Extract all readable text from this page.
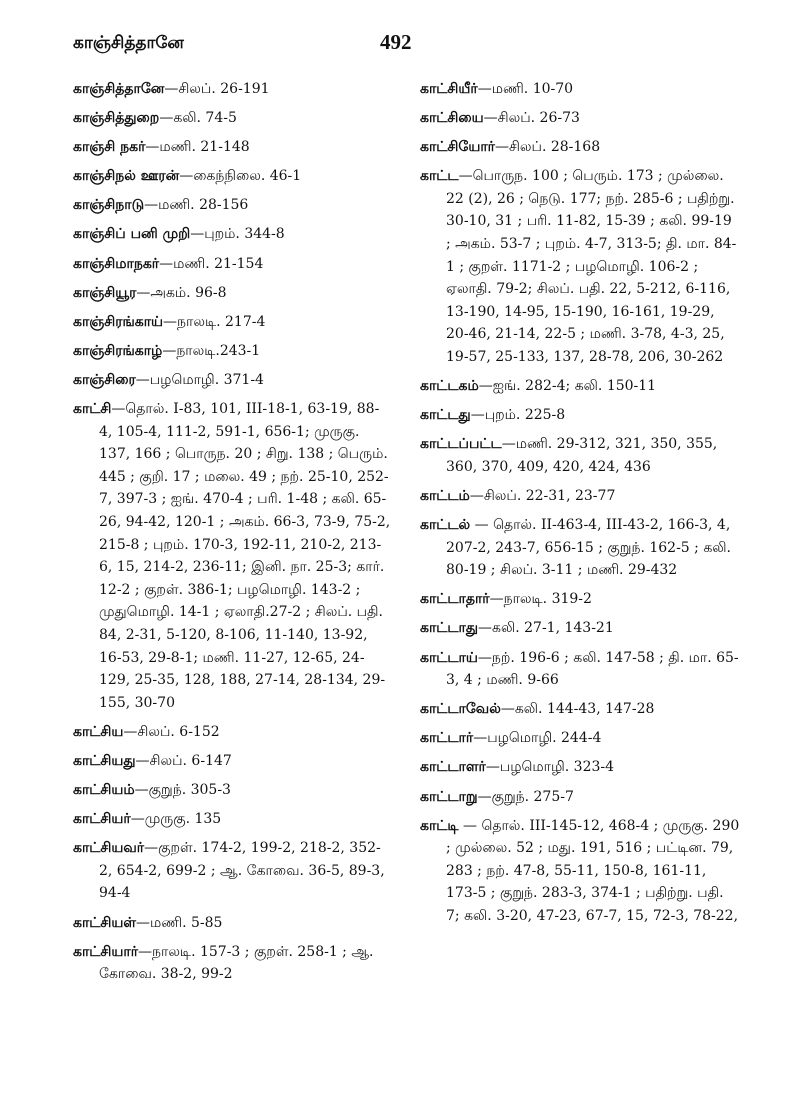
காஞ்சித்தானே	492

காஞ்சித்தானே—சிலப். 26-191

காஞ்சித்துறை—கலி. 74-5

காஞ்சி நகர்—மணி. 21-148

காஞ்சிநல் ஊரன்—கைந்நிலை. 46-1

காஞ்சிநாடு—மணி. 28-156

காஞ்சிப் பனி முறி—புறம். 344-8

காஞ்சிமாநகர்—மணி. 21-154

காஞ்சியூர—அகம். 96-8

காஞ்சிரங்காய்—நாலடி. 217-4

காஞ்சிரங்காழ்—நாலடி.243-1

காஞ்சிரை—பழமொழி. 371-4

காட்சி—தொல். I-83, 101, III-18-1, 63-19, 88-4, 105-4, 111-2, 591-1, 656-1; முருகு. 137, 166 ; பொருந. 20 ; சிறு. 138 ; பெரும். 445 ; குறி. 17 ; மலை. 49 ; நற். 25-10, 252-7, 397-3 ; ஐங். 470-4 ; பரி. 1-48 ; கலி. 65-26, 94-42, 120-1 ; அகம். 66-3, 73-9, 75-2, 215-8 ; புறம். 170-3, 192-11, 210-2, 213-6, 15, 214-2, 236-11; இனி. நா. 25-3; கார். 12-2 ; குறள். 386-1; பழமொழி. 143-2 ; முதுமொழி. 14-1 ; ஏலாதி.27-2 ; சிலப். பதி. 84, 2-31, 5-120, 8-106, 11-140, 13-92, 16-53, 29-8-1; மணி. 11-27, 12-65, 24-129, 25-35, 128, 188, 27-14, 28-134, 29-155, 30-70

காட்சிய—சிலப். 6-152

காட்சியது—சிலப். 6-147

காட்சியம்—குறுந். 305-3

காட்சியர்—முருகு. 135

காட்சியவர்—குறள். 174-2, 199-2, 218-2, 352-2, 654-2, 699-2 ; ஆ. கோவை. 36-5, 89-3, 94-4

காட்சியள்—மணி. 5-85

காட்சியார்—நாலடி. 157-3 ; குறள். 258-1 ; ஆ. கோவை. 38-2, 99-2

காட்சியீர்—மணி. 10-70

காட்சியை—சிலப். 26-73

காட்சியோர்—சிலப். 28-168

காட்ட—பொருந. 100 ; பெரும். 173 ; முல்லை. 22 (2), 26 ; நெடு. 177; நற். 285-6 ; பதிற்று. 30-10, 31 ; பரி. 11-82, 15-39 ; கலி. 99-19 ; அகம். 53-7 ; புறம். 4-7, 313-5; தி. மா. 84-1 ; குறள். 1171-2 ; பழமொழி. 106-2 ; ஏலாதி. 79-2; சிலப். பதி. 22, 5-212, 6-116, 13-190, 14-95, 15-190, 16-161, 19-29, 20-46, 21-14, 22-5 ; மணி. 3-78, 4-3, 25, 19-57, 25-133, 137, 28-78, 206, 30-262

காட்டகம்—ஐங். 282-4; கலி. 150-11

காட்டது—புறம். 225-8

காட்டப்பட்ட—மணி. 29-312, 321, 350, 355, 360, 370, 409, 420, 424, 436

காட்டம்—சிலப். 22-31, 23-77

காட்டல் — தொல். II-463-4, III-43-2, 166-3, 4, 207-2, 243-7, 656-15 ; குறுந். 162-5 ; கலி. 80-19 ; சிலப். 3-11 ; மணி. 29-432

காட்டாதார்—நாலடி. 319-2

காட்டாது—கலி. 27-1, 143-21

காட்டாய்—நற். 196-6 ; கலி. 147-58 ; தி. மா. 65-3, 4 ; மணி. 9-66

காட்டாவேல்—கலி. 144-43, 147-28

காட்டார்—பழமொழி. 244-4

காட்டாளர்—பழமொழி. 323-4

காட்டாறு—குறுந். 275-7

காட்டி — தொல். III-145-12, 468-4 ; முருகு. 290 ; முல்லை. 52 ; மது. 191, 516 ; பட்டின. 79, 283 ; நற். 47-8, 55-11, 150-8, 161-11, 173-5 ; குறுந். 283-3, 374-1 ; பதிற்று. பதி. 7; கலி. 3-20, 47-23, 67-7, 15, 72-3, 78-22,
